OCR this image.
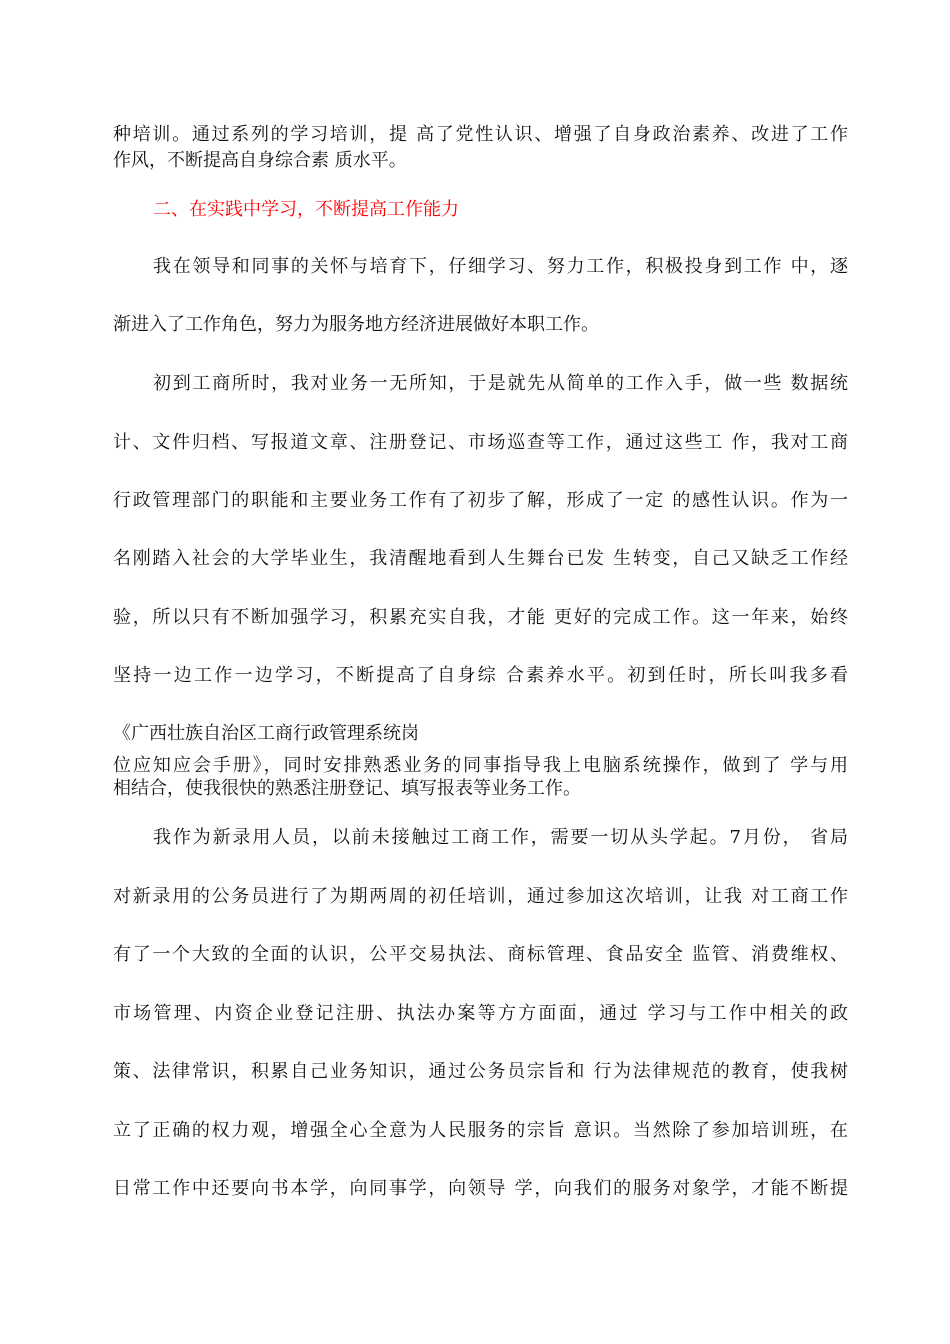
种培训。通过系列的学习培训，提 高了党性认识、增强了自身政治素养、改进了工作
作风，不断提高自身综合素 质水平。
二、在实践中学习，不断提高工作能力
我在领导和同事的关怀与培育下，仔细学习、努力工作，积极投身到工作 中，逐
渐进入了工作角色，努力为服务地方经济进展做好本职工作。
初到工商所时，我对业务一无所知，于是就先从简单的工作入手，做一些 数据统
计、文件归档、写报道文章、注册登记、市场巡查等工作，通过这些工 作，我对工商
行政管理部门的职能和主要业务工作有了初步了解，形成了一定 的感性认识。作为一
名刚踏入社会的大学毕业生，我清醒地看到人生舞台已发 生转变，自己又缺乏工作经
验，所以只有不断加强学习，积累充实自我，才能 更好的完成工作。这一年来，始终
坚持一边工作一边学习，不断提高了自身综 合素养水平。初到任时，所长叫我多看
《广西壮族自治区工商行政管理系统岗
位应知应会手册》，同时安排熟悉业务的同事指导我上电脑系统操作，做到了 学与用
相结合，使我很快的熟悉注册登记、填写报表等业务工作。
我作为新录用人员，以前未接触过工商工作，需要一切从头学起。7月份， 省局
对新录用的公务员进行了为期两周的初任培训，通过参加这次培训，让我 对工商工作
有了一个大致的全面的认识，公平交易执法、商标管理、食品安全 监管、消费维权、
市场管理、内资企业登记注册、执法办案等方方面面，通过 学习与工作中相关的政
策、法律常识，积累自己业务知识，通过公务员宗旨和 行为法律规范的教育，使我树
立了正确的权力观，增强全心全意为人民服务的宗旨 意识。当然除了参加培训班，在
日常工作中还要向书本学，向同事学，向领导 学，向我们的服务对象学，才能不断提
